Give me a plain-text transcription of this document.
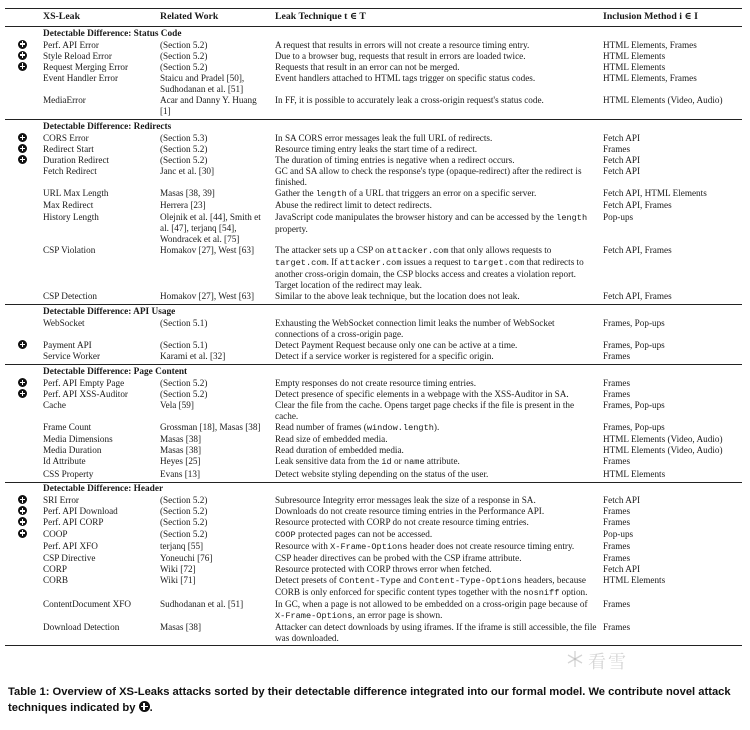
	XS-Leak	Related Work	Leak Technique t ∈ T	Inclusion Method i ∈ I
	Detectable Difference: Status Code			
	Perf. API Error	(Section 5.2)	A request that results in errors will not create a resource timing entry.	HTML Elements, Frames
	Style Reload Error	(Section 5.2)	Due to a browser bug, requests that result in errors are loaded twice.	HTML Elements
	Request Merging Error	(Section 5.2)	Requests that result in an error can not be merged.	HTML Elements
	Event Handler Error	Staicu and Pradel [50], Sudhodanan et al. [51]	Event handlers attached to HTML tags trigger on specific status codes.	HTML Elements, Frames
	MediaError	Acar and Danny Y. Huang [1]	In FF, it is possible to accurately leak a cross-origin request's status code.	HTML Elements (Video, Audio)
	Detectable Difference: Redirects			
	CORS Error	(Section 5.3)	In SA CORS error messages leak the full URL of redirects.	Fetch API
	Redirect Start	(Section 5.2)	Resource timing entry leaks the start time of a redirect.	Frames
	Duration Redirect	(Section 5.2)	The duration of timing entries is negative when a redirect occurs.	Fetch API
	Fetch Redirect	Janc et al. [30]	GC and SA allow to check the response's type (opaque-redirect) after the redirect is finished.	Fetch API
	URL Max Length	Masas [38, 39]	Gather the length of a URL that triggers an error on a specific server.	Fetch API, HTML Elements
	Max Redirect	Herrera [23]	Abuse the redirect limit to detect redirects.	Fetch API, Frames
	History Length	Olejnik et al. [44], Smith et al. [47], terjanq [54], Wondracek et al. [75]	JavaScript code manipulates the browser history and can be accessed by the length property.	Pop-ups
	CSP Violation	Homakov [27], West [63]	The attacker sets up a CSP on attacker.com that only allows requests to target.com. If attacker.com issues a request to target.com that redirects to another cross-origin domain, the CSP blocks access and creates a violation report. Target location of the redirect may leak.	Fetch API, Frames
	CSP Detection	Homakov [27], West [63]	Similar to the above leak technique, but the location does not leak.	Fetch API, Frames
	Detectable Difference: API Usage			
	WebSocket	(Section 5.1)	Exhausting the WebSocket connection limit leaks the number of WebSocket connections of a cross-origin page.	Frames, Pop-ups
	Payment API	(Section 5.1)	Detect Payment Request because only one can be active at a time.	Frames, Pop-ups
	Service Worker	Karami et al. [32]	Detect if a service worker is registered for a specific origin.	Frames
	Detectable Difference: Page Content			
	Perf. API Empty Page	(Section 5.2)	Empty responses do not create resource timing entries.	Frames
	Perf. API XSS-Auditor	(Section 5.2)	Detect presence of specific elements in a webpage with the XSS-Auditor in SA.	Frames
	Cache	Vela [59]	Clear the file from the cache. Opens target page checks if the file is present in the cache.	Frames, Pop-ups
	Frame Count	Grossman [18], Masas [38]	Read number of frames (window.length).	Frames, Pop-ups
	Media Dimensions	Masas [38]	Read size of embedded media.	HTML Elements (Video, Audio)
	Media Duration	Masas [38]	Read duration of embedded media.	HTML Elements (Video, Audio)
	Id Attribute	Heyes [25]	Leak sensitive data from the id or name attribute.	Frames
	CSS Property	Evans [13]	Detect website styling depending on the status of the user.	HTML Elements
	Detectable Difference: Header			
	SRI Error	(Section 5.2)	Subresource Integrity error messages leak the size of a response in SA.	Fetch API
	Perf. API Download	(Section 5.2)	Downloads do not create resource timing entries in the Performance API.	Frames
	Perf. API CORP	(Section 5.2)	Resource protected with CORP do not create resource timing entries.	Frames
	COOP	(Section 5.2)	COOP protected pages can not be accessed.	Pop-ups
	Perf. API XFO	terjanq [55]	Resource with X-Frame-Options header does not create resource timing entry.	Frames
	CSP Directive	Yoneuchi [76]	CSP header directives can be probed with the CSP iframe attribute.	Frames
	CORP	Wiki [72]	Resource protected with CORP throws error when fetched.	Fetch API
	CORB	Wiki [71]	Detect presets of Content-Type and Content-Type-Options headers, because CORB is only enforced for specific content types together with the nosniff option.	HTML Elements
	ContentDocument XFO	Sudhodanan et al. [51]	In GC, when a page is not allowed to be embedded on a cross-origin page because of X-Frame-Options, an error page is shown.	Frames
	Download Detection	Masas [38]	Attacker can detect downloads by using iframes. If the iframe is still accessible, the file was downloaded.	Frames
Table 1: Overview of XS-Leaks attacks sorted by their detectable difference integrated into our formal model. We contribute novel attack techniques indicated by .
看雪
